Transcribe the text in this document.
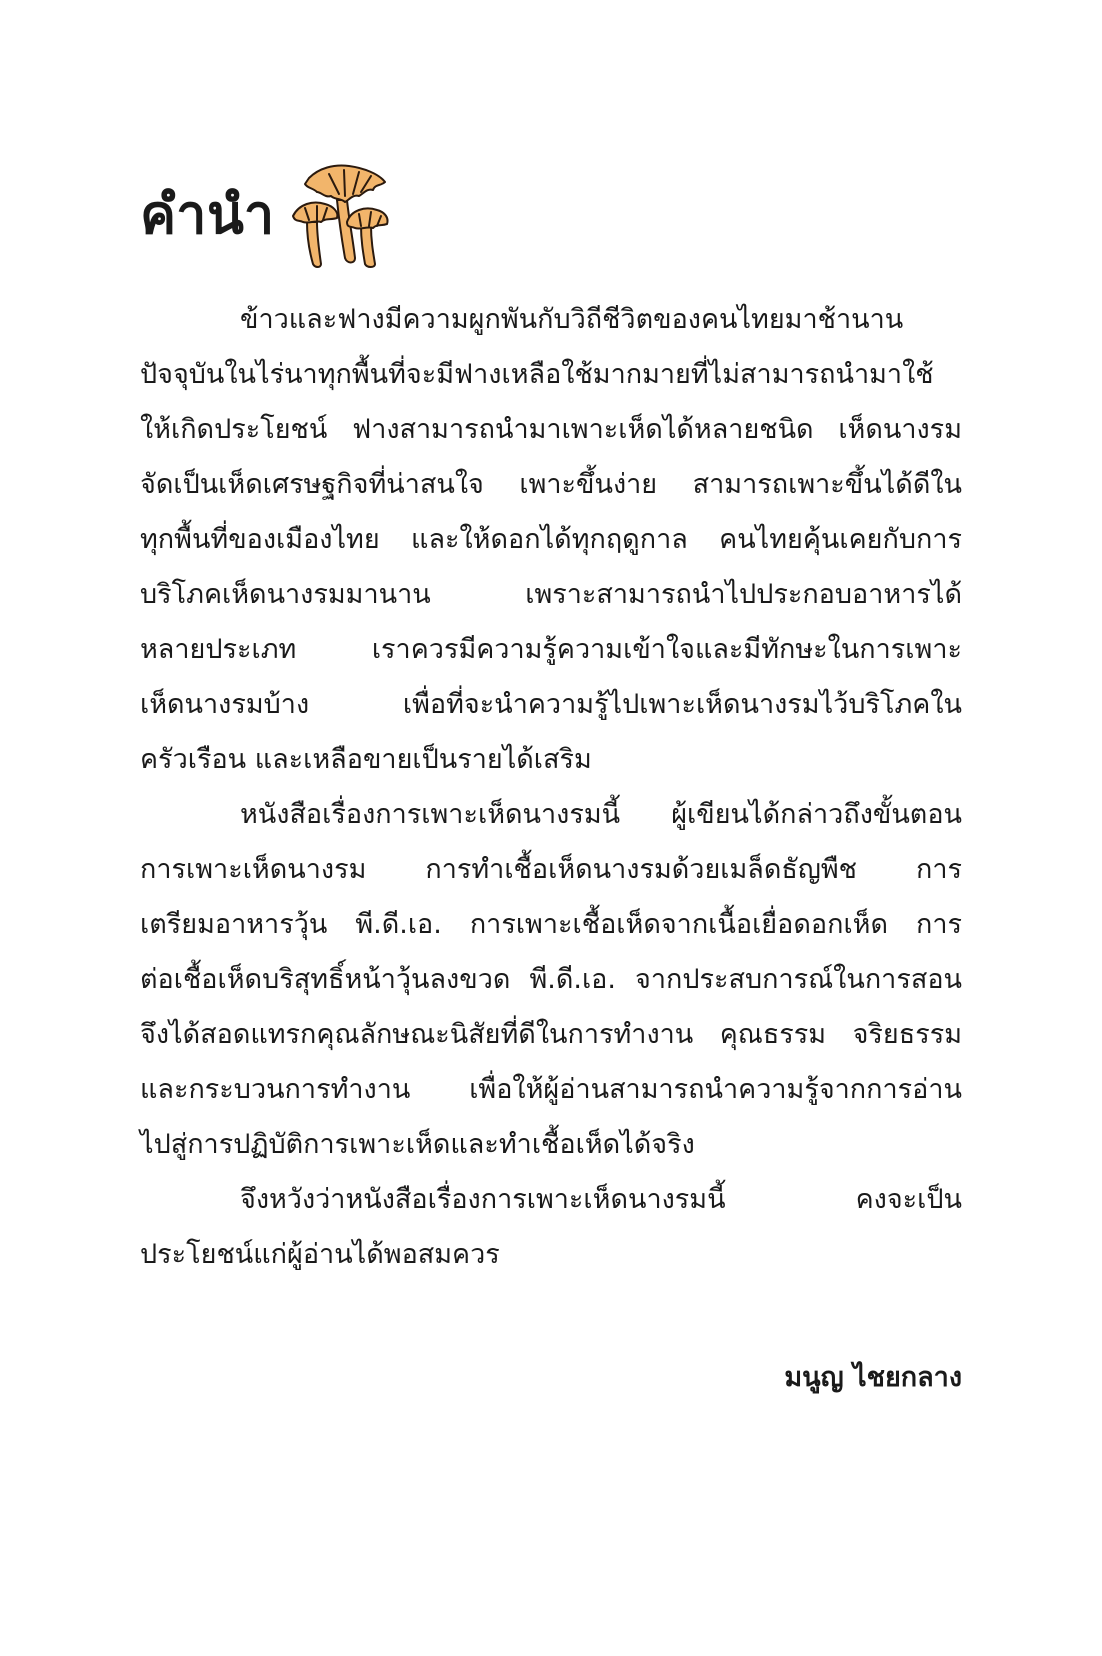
คำนำ
ข้าวและฟางมีความผูกพันกับวิถีชีวิตของคนไทยมาช้านาน
ปัจจุบันในไร่นาทุกพื้นที่จะมีฟางเหลือใช้มากมายที่ไม่สามารถนำมาใช้
ให้เกิดประโยชน์ ฟางสามารถนำมาเพาะเห็ดได้หลายชนิด เห็ดนางรม
จัดเป็นเห็ดเศรษฐกิจที่น่าสนใจ เพาะขึ้นง่าย สามารถเพาะขึ้นได้ดีใน
ทุกพื้นที่ของเมืองไทย และให้ดอกได้ทุกฤดูกาล คนไทยคุ้นเคยกับการ
บริโภคเห็ดนางรมมานาน เพราะสามารถนำไปประกอบอาหารได้
หลายประเภท เราควรมีความรู้ความเข้าใจและมีทักษะในการเพาะ
เห็ดนางรมบ้าง เพื่อที่จะนำความรู้ไปเพาะเห็ดนางรมไว้บริโภคใน
ครัวเรือน และเหลือขายเป็นรายได้เสริม
หนังสือเรื่องการเพาะเห็ดนางรมนี้ ผู้เขียนได้กล่าวถึงขั้นตอน
การเพาะเห็ดนางรม การทำเชื้อเห็ดนางรมด้วยเมล็ดธัญพืช การ
เตรียมอาหารวุ้น พี.ดี.เอ. การเพาะเชื้อเห็ดจากเนื้อเยื่อดอกเห็ด การ
ต่อเชื้อเห็ดบริสุทธิ์หน้าวุ้นลงขวด พี.ดี.เอ. จากประสบการณ์ในการสอน
จึงได้สอดแทรกคุณลักษณะนิสัยที่ดีในการทำงาน คุณธรรม จริยธรรม
และกระบวนการทำงาน เพื่อให้ผู้อ่านสามารถนำความรู้จากการอ่าน
ไปสู่การปฏิบัติการเพาะเห็ดและทำเชื้อเห็ดได้จริง
จึงหวังว่าหนังสือเรื่องการเพาะเห็ดนางรมนี้ คงจะเป็น
ประโยชน์แก่ผู้อ่านได้พอสมควร
มนูญ ไชยกลาง
